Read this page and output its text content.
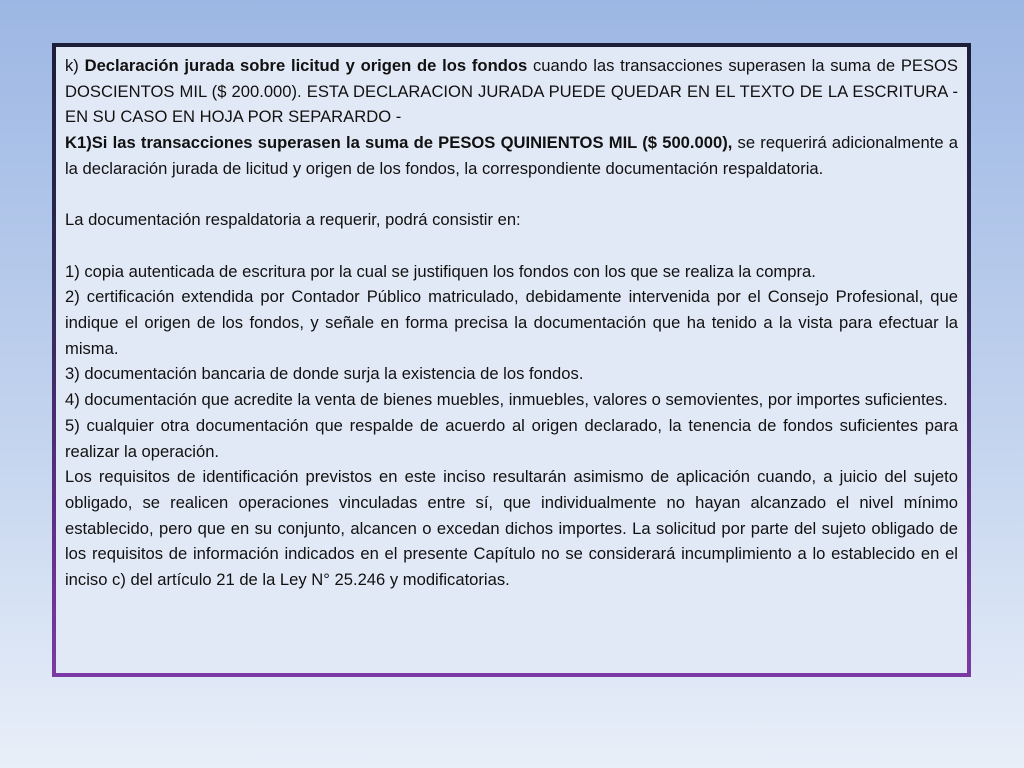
k) Declaración jurada sobre licitud y origen de los fondos cuando las transacciones superasen la suma de PESOS DOSCIENTOS MIL ($ 200.000). ESTA DECLARACION JURADA PUEDE QUEDAR EN EL TEXTO DE LA ESCRITURA - EN SU CASO EN HOJA POR SEPARARDO -

K1)Si las transacciones superasen la suma de PESOS QUINIENTOS MIL ($ 500.000), se requerirá adicionalmente a la declaración jurada de licitud y origen de los fondos, la correspondiente documentación respaldatoria.

La documentación respaldatoria a requerir, podrá consistir en:

1) copia autenticada de escritura por la cual se justifiquen los fondos con los que se realiza la compra.

2) certificación extendida por Contador Público matriculado, debidamente intervenida por el Consejo Profesional, que indique el origen de los fondos, y señale en forma precisa la documentación que ha tenido a la vista para efectuar la misma.

3) documentación bancaria de donde surja la existencia de los fondos.

4) documentación que acredite la venta de bienes muebles, inmuebles, valores o semovientes, por importes suficientes.

5) cualquier otra documentación que respalde de acuerdo al origen declarado, la tenencia de fondos suficientes para realizar la operación.

Los requisitos de identificación previstos en este inciso resultarán asimismo de aplicación cuando, a juicio del sujeto obligado, se realicen operaciones vinculadas entre sí, que individualmente no hayan alcanzado el nivel mínimo establecido, pero que en su conjunto, alcancen o excedan dichos importes. La solicitud por parte del sujeto obligado de los requisitos de información indicados en el presente Capítulo no se considerará incumplimiento a lo establecido en el inciso c) del artículo 21 de la Ley N° 25.246 y modificatorias.
